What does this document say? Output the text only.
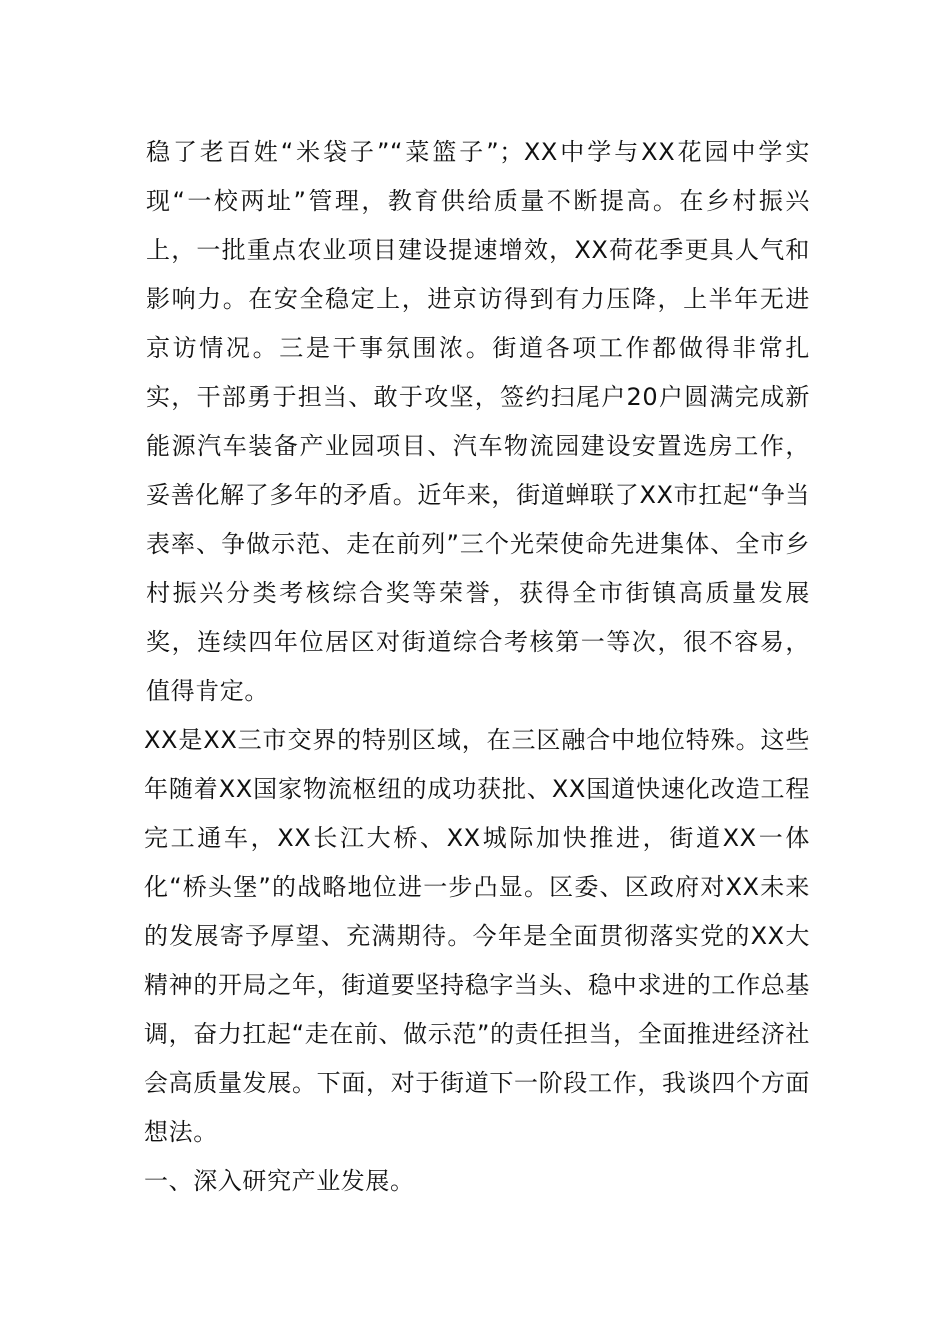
稳了老百姓“米袋子”“菜篮子”；XX中学与XX花园中学实现“一校两址”管理，教育供给质量不断提高。在乡村振兴上，一批重点农业项目建设提速增效，XX荷花季更具人气和影响力。在安全稳定上，进京访得到有力压降，上半年无进京访情况。三是干事氛围浓。街道各项工作都做得非常扎实，干部勇于担当、敢于攻坚，签约扫尾户20户圆满完成新能源汽车装备产业园项目、汽车物流园建设安置选房工作，妥善化解了多年的矛盾。近年来，街道蝉联了XX市扛起“争当表率、争做示范、走在前列”三个光荣使命先进集体、全市乡村振兴分类考核综合奖等荣誉，获得全市街镇高质量发展奖，连续四年位居区对街道综合考核第一等次，很不容易，值得肯定。

XX是XX三市交界的特别区域，在三区融合中地位特殊。这些年随着XX国家物流枢纽的成功获批、XX国道快速化改造工程完工通车，XX长江大桥、XX城际加快推进，街道XX一体化“桥头堡”的战略地位进一步凸显。区委、区政府对XX未来的发展寄予厚望、充满期待。今年是全面贯彻落实党的XX大精神的开局之年，街道要坚持稳字当头、稳中求进的工作总基调，奋力扛起“走在前、做示范”的责任担当，全面推进经济社会高质量发展。下面，对于街道下一阶段工作，我谈四个方面想法。

一、深入研究产业发展。
